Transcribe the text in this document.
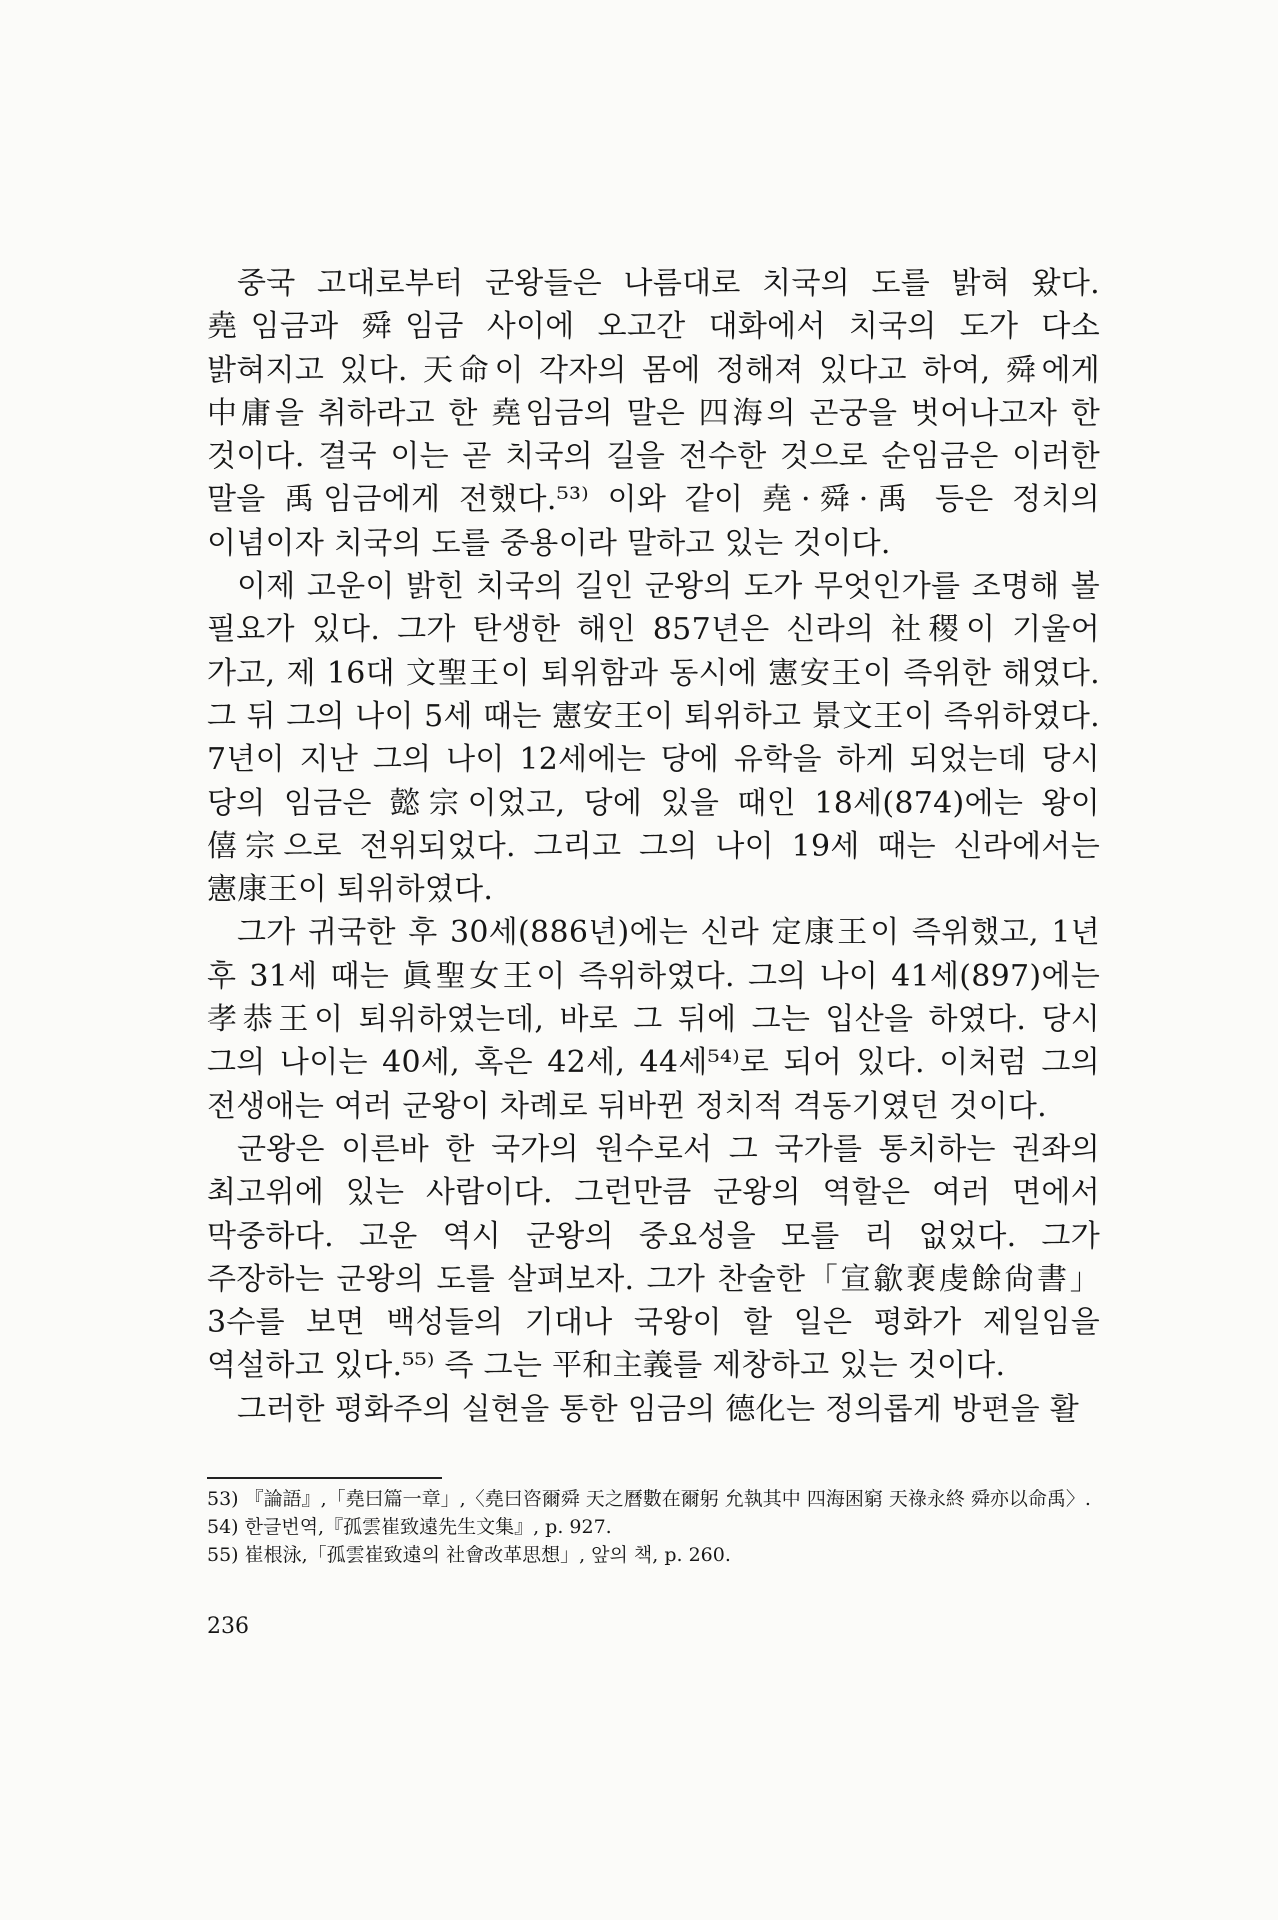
중국 고대로부터 군왕들은 나름대로 치국의 도를 밝혀 왔다. 堯임금과 舜임금 사이에 오고간 대화에서 치국의 도가 다소 밝혀지고 있다. 天命이 각자의 몸에 정해져 있다고 하여, 舜에게 中庸을 취하라고 한 堯임금의 말은 四海의 곤궁을 벗어나고자 한 것이다. 결국 이는 곧 치국의 길을 전수한 것으로 순임금은 이러한 말을 禹임금에게 전했다.⁵³⁾ 이와 같이 堯·舜·禹 등은 정치의 이념이자 치국의 도를 중용이라 말하고 있는 것이다.

이제 고운이 밝힌 치국의 길인 군왕의 도가 무엇인가를 조명해 볼 필요가 있다. 그가 탄생한 해인 857년은 신라의 社稷이 기울어 가고, 제 16대 文聖王이 퇴위함과 동시에 憲安王이 즉위한 해였다. 그 뒤 그의 나이 5세 때는 憲安王이 퇴위하고 景文王이 즉위하였다. 7년이 지난 그의 나이 12세에는 당에 유학을 하게 되었는데 당시 당의 임금은 懿宗이었고, 당에 있을 때인 18세(874)에는 왕이 僖宗으로 전위되었다. 그리고 그의 나이 19세 때는 신라에서는 憲康王이 퇴위하였다.

그가 귀국한 후 30세(886년)에는 신라 定康王이 즉위했고, 1년 후 31세 때는 眞聖女王이 즉위하였다. 그의 나이 41세(897)에는 孝恭王이 퇴위하였는데, 바로 그 뒤에 그는 입산을 하였다. 당시 그의 나이는 40세, 혹은 42세, 44세⁵⁴⁾로 되어 있다. 이처럼 그의 전생애는 여러 군왕이 차례로 뒤바뀐 정치적 격동기였던 것이다.

군왕은 이른바 한 국가의 원수로서 그 국가를 통치하는 권좌의 최고위에 있는 사람이다. 그런만큼 군왕의 역할은 여러 면에서 막중하다. 고운 역시 군왕의 중요성을 모를 리 없었다. 그가 주장하는 군왕의 도를 살펴보자. 그가 찬술한「宣歙裵虔餘尙書」 3수를 보면 백성들의 기대나 국왕이 할 일은 평화가 제일임을 역설하고 있다.⁵⁵⁾ 즉 그는 平和主義를 제창하고 있는 것이다.

그러한 평화주의 실현을 통한 임금의 德化는 정의롭게 방편을 활

53) 『論語』,「堯曰篇一章」,〈堯曰咨爾舜 天之曆數在爾躬 允執其中 四海困窮 天祿永終 舜亦以命禹〉.

54) 한글번역,『孤雲崔致遠先生文集』, p. 927.

55) 崔根泳,「孤雲崔致遠의 社會改革思想」, 앞의 책, p. 260.

236
